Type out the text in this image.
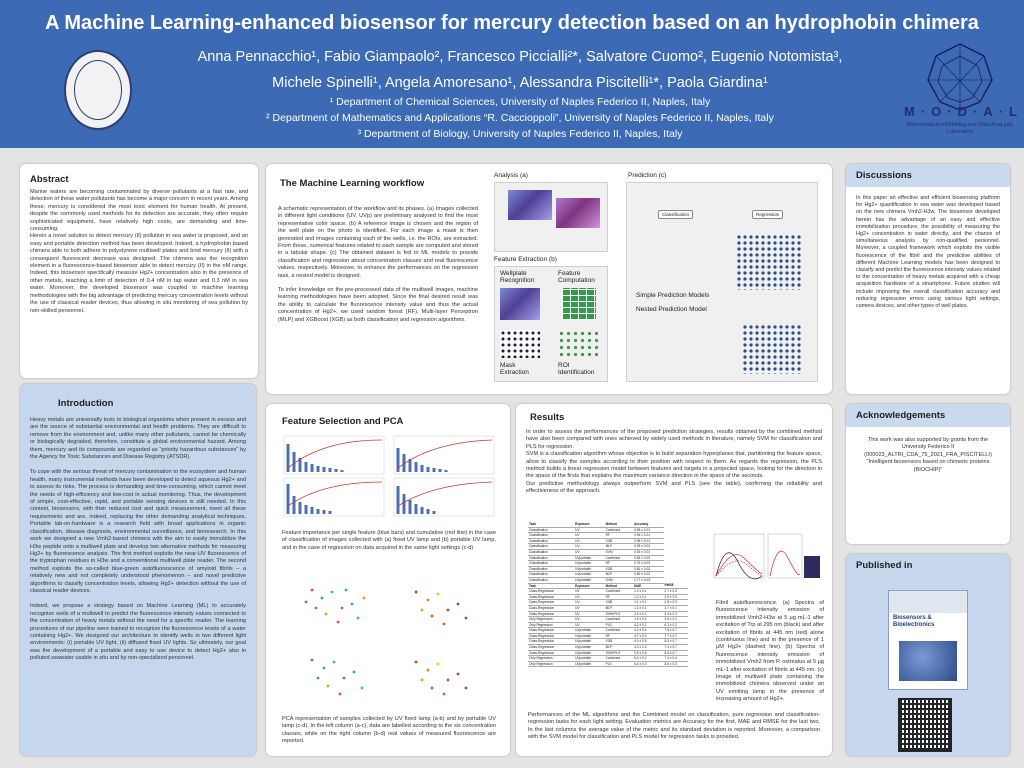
A Machine Learning-enhanced biosensor for mercury detection based on an hydrophobin chimera
Anna Pennacchio¹, Fabio Giampaolo², Francesco Piccialli²*, Salvatore Cuomo², Eugenio Notomista³,
Michele Spinelli¹, Angela Amoresano¹, Alessandra Piscitelli¹*, Paola Giardina¹
¹ Department of Chemical Sciences, University of Naples Federico II, Naples, Italy
² Department of Mathematics and Applications “R. Caccioppoli”, University of Naples Federico II, Naples, Italy
³ Department of Biology, University of Naples Federico II, Naples, Italy
M·O·D·A·L
Mathematical mOdelling and Data AnaLysis Laboratory
Abstract

Marine waters are becoming contaminated by diverse pollutants at a fast rate, and detection of these water pollutants has become a major concern in recent years. Among these, mercury is considered the most toxic element for human health. At present, despite the commonly used methods for its detection are accurate, they often require sophisticated equipment, have relatively high costs, are demanding and time-consuming.

Herein a novel solution to detect mercury (II) pollution in sea water is proposed, and an easy and portable detection method has been developed. Indeed, a hydrophobin based chimera able to both adhere to polystyrene multiwell plates and bind mercury (II) with a consequent fluorescent decrease was designed. The chimera was the recognition element in a fluorescence-based biosensor able to detect mercury (II) in the nM range. Indeed, this biosensor specifically measure Hg2+ concentration also in the presence of other metals, reaching a limit of detection of 0.4 nM in tap water and 0.3 nM in sea water. Moreover, the developed biosensor was coupled to machine learning methodologies with the big advantage of predicting mercury concentration levels without the use of classical reader devices, thus allowing in situ monitoring of sea pollution by non-skilled personnel.

Introduction

Heavy metals are universally toxic to biological organisms when present in excess and are the source of substantial environmental and health problems. They are difficult to remove from the environment and, unlike many other pollutants, cannot be chemically or biologically degraded, therefore, constitute a global environmental hazard. Among them, mercury and its compounds are regarded as “priority hazardous substances” by the Agency for Toxic Substances and Disease Registry (ATSDR).

To cope with the serious threat of mercury contamination to the ecosystem and human health, many instrumental methods have been developed to detect aqueous Hg2+ and to assess its risks. The process is demanding and time-consuming, which cannot meet the needs of high-efficiency and low-cost in actual monitoring. Thus, the development of simple, cost-effective, rapid, and portable sensing devices is still needed. In this context, biosensors, with their reduced cost and quick measurement, meet all these requirements and are, indeed, replacing the other demanding analytical techniques. Portable lab-on-hardware is a research field with broad applications in organic classification, disease diagnosis, environmental surveillance, and bioresearch. In this work we designed a new Vmh2-based chimera with the aim to easily immobilize the H3w peptide onto a multiwell plate and develop two alternative methods for measuring Hg2+ by fluorescence analysis. The first method exploits the near-UV fluorescence of the tryptophan residues in H3w and a conventional multiwell plate reader. The second method exploits the so-called blue-green autofluorescence of amyloid fibrils – a relatively new and not completely understood phenomenon – and novel predictive algorithms to classify concentration levels, allowing Hg2+ detection without the use of classical reader devices.

Indeed, we propose a strategy based on Machine Learning (ML) to accurately recognize wells of a multiwell to predict the fluorescence intensity values connected to the concentration of heavy metals without the need for a specific reader. The learning procedures of our pipeline were trained to recognize the fluorescence levels of a water containing Hg2+. We designed our architecture to identify wells in two different light environments: (i) portable UV light, (ii) diffused fixed UV lights. So ultimately, our goal was the development of a portable and easy to use device to detect Hg2+ also in polluted seawater usable in situ and by non-specialized personnel.

The Machine Learning workflow

A schematic representation of the workflow and its phases. (a) Images collected in different light conditions (UV, UVp) are preliminary analysed to find the most representative color space. (b) A reference image is chosen and the region of the well plate on the photo is identified. For each image a mask is then generated and images containing each of the wells, i.e. the ROIs, are extracted. From these, numerical features related to each sample are computed and stored in a tabular shape. (c) The obtained dataset is fed to ML models to provide classification and regression about concentration classes and real fluorescence values, respectively. Moreover, to enhance the performances on the regression task, a nested model is designed.

To infer knowledge on the pre-processed data of the multiwell images, machine learning methodologies have been adopted. Since the final desired result was the ability to calculate the fluorescence intensity value and thus the actual concentration of Hg2+, we used random forest (RF), Multi-layer Perceptron (MLP) and XGBoost (XGB) as both classification and regression algorithms.

Analysis (a)
Feature Extraction (b)
Wellplate Recognition
Feature Computation
Mask Extraction
ROI Identification
Prediction (c)
Classification	Regression
Simple Prediction Models
Nested Prediction Model
Feature Selection and PCA

Feature importance per single feature (blue bars) and cumulative (red line) in the case of classification of images collected with (a) fixed UV lamp and (b) portable UV lamp, and in the case of regression on data acquired in the same light settings (c-d)

PCA representation of samples collected by UV fixed lamp (a-b) and by portable UV lamp (c-d). In the left column (a-c), data are labelled according to the six concentration classes, while on the right column (b-d) real values of measured fluorescence are reported.

Results

In order to assess the performances of the proposed prediction strategies, results obtained by the combined method have also been compared with ones achieved by widely used methods in literature, namely SVM for classification and PLS for regression.

SVM is a classification algorithm whose objective is to build separation hyperplanes that, partitioning the feature space, allow to classify the samples according to their position with respect to them. As regards the regression, the PLS method builds a linear regression model between features and targets in a projected space, looking for the direction in the space of the firsts that explains the maximum variance direction in the space of the seconds.

Our predictive methodology always outperform SVM and PLS (see the table), confirming the reliability and effectiveness of the approach.

Task	Exposure	Method	Accuracy	
Classification	UV	Combined	0.96 ± 0.01	
Classification	UV	RF	0.94 ± 0.01	
Classification	UV	XGB	0.95 ± 0.01	
Classification	UV	MLP	0.93 ± 0.02	
Classification	UV	SVM	0.92 ± 0.01	
Classification	UVportable	Combined	0.83 ± 0.02	
Classification	UVportable	RF	0.79 ± 0.03	
Classification	UVportable	XGB	0.81 ± 0.02	
Classification	UVportable	MLP	0.80 ± 0.02	
Classification	UVportable	SVM	0.77 ± 0.03	
Task	Exposure	Method	MAE	RMSE
Class-Regression	UV	Combined	1.0 ± 0.1	2.7 ± 0.3
Class-Regression	UV	RF	1.2 ± 0.1	2.9 ± 0.3
Class-Regression	UV	XGB	1.1 ± 0.1	2.8 ± 0.3
Class-Regression	UV	MLP	1.3 ± 0.1	2.7 ± 0.1
Class-Regression	UV	SVM+PLS	2.5 ± 0.1	4.3 ± 0.2
Only Regression	UV	Combined	1.6 ± 0.2	3.5 ± 0.1
Only Regression	UV	PLS	4.2 ± 0.1	6.1 ± 0.2
Class-Regression	UVportable	Combined	4.0 ± 0.4	7.5 ± 0.7
Class-Regression	UVportable	RF	4.7 ± 0.4	7.7 ± 0.7
Class-Regression	UVportable	XGB	4.0 ± 0.5	8.3 ± 0.7
Class-Regression	UVportable	MLP	4.3 ± 0.3	7.3 ± 0.7
Class-Regression	UVportable	SVM+PLS	5.5 ± 0.6	8.3 ± 0.7
Only Regression	UVportable	Combined	5.0 ± 0.2	7.4 ± 0.4
Only Regression	UVportable	PLS	6.4 ± 0.3	8.8 ± 0.3

Fibril autofluorescence. (a) Spectra of fluorescence intensity emission of immobilized Vmh2-H3w at 5 μg mL-1 after excitation of Trp at 295 nm (black) and after excitation of fibrils at 445 nm (red) alone (continuous line) and in the presence of 1 μM Hg2+ (dashed line). (b) Spectra of fluorescence intensity emission of immobilized Vmh2 from P. ostreatus at 5 μg mL-1 after excitation of fibrils at 445 nm. (c) Image of multiwell plate containing the immobilized chimera observed under an UV emitting lamp in the presence of increasing amount of Hg2+.

Performances of the ML algorithms and the Combined model on classification, pure regression and classification-regression tasks for each light setting. Evaluation metrics are Accuracy for the first, MAE and RMSE for the last two. In the last columns the average value of the metric and its standard deviation is reported. Moreover, a comparison with the SVM model for classification and PLS model for regression tasks is provided.

Discussions

In this paper an effective and efficient biosensing platform for Hg2+ quantification in sea water was developed based on the new chimera Vmh2-H3w. The biosensor developed herein has the advantage of an easy and effective immobilization procedure, the possibility of measuring the Hg2+ concentration in water directly, and the chance of simultaneous analysis by non-qualified personnel. Moreover, a coupled framework which exploits the visible fluorescence of the fibril and the predictive abilities of different Machine Learning models has been designed to classify and predict the fluorescence intensity values related to the concentration of heavy metals acquired with a cheap acquisition hardware of a smartphone. Future studies will include improving the overall classification accuracy and reducing regression errors using various light settings, camera devices, and other types of well plates.

Acknowledgements

This work was also supported by grants from the University Federico II (000023_ALTRI_CDA_75_2021_FRA_PISCITELLI) "Intelligent biosensors based on chimeric proteins (BIOCHIP)"

Published in
Biosensors & Bioelectronics
